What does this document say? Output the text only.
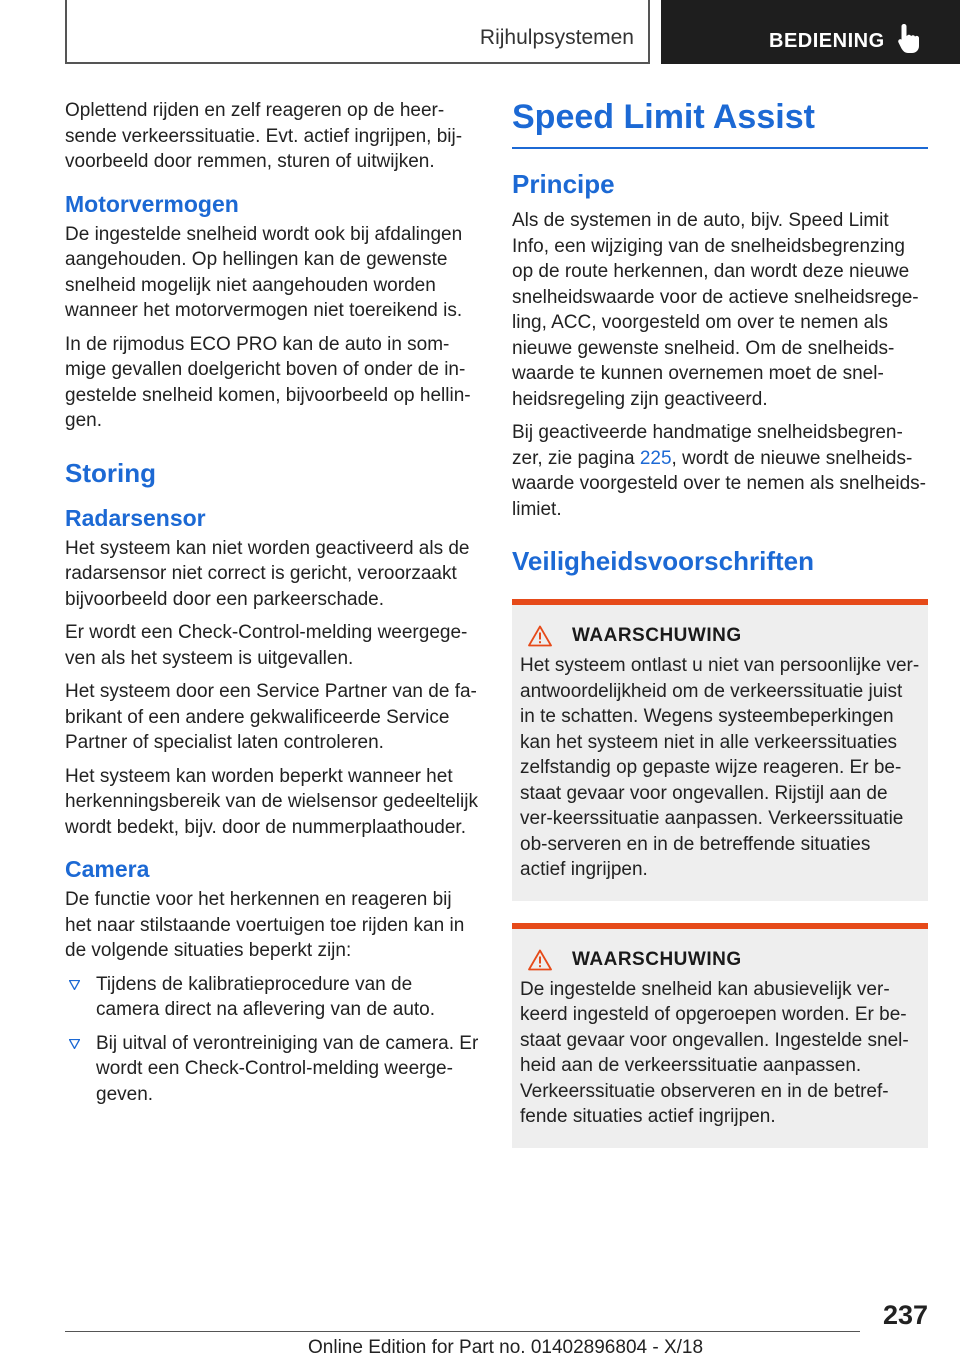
Rijhulpsystemen	BEDIENING

Oplettend rijden en zelf reageren op de heer-sende verkeerssituatie. Evt. actief ingrijpen, bij-voorbeeld door remmen, sturen of uitwijken.

Motorvermogen

De ingestelde snelheid wordt ook bij afdalingen aangehouden. Op hellingen kan de gewenste snelheid mogelijk niet aangehouden worden wanneer het motorvermogen niet toereikend is.

In de rijmodus ECO PRO kan de auto in som-mige gevallen doelgericht boven of onder de in-gestelde snelheid komen, bijvoorbeeld op hellin-gen.

Storing
Radarsensor

Het systeem kan niet worden geactiveerd als de radarsensor niet correct is gericht, veroorzaakt bijvoorbeeld door een parkeerschade.

Er wordt een Check-Control-melding weergege-ven als het systeem is uitgevallen.

Het systeem door een Service Partner van de fa-brikant of een andere gekwalificeerde Service Partner of specialist laten controleren.

Het systeem kan worden beperkt wanneer het herkenningsbereik van de wielsensor gedeeltelijk wordt bedekt, bijv. door de nummerplaathouder.

Camera

De functie voor het herkennen en reageren bij het naar stilstaande voertuigen toe rijden kan in de volgende situaties beperkt zijn:

Tijdens de kalibratieprocedure van de camera direct na aflevering van de auto.
Bij uitval of verontreiniging van de camera. Er wordt een Check-Control-melding weerge-geven.
Speed Limit Assist
Principe

Als de systemen in de auto, bijv. Speed Limit Info, een wijziging van de snelheidsbegrenzing op de route herkennen, dan wordt deze nieuwe snelheidswaarde voor de actieve snelheidsrege-ling, ACC, voorgesteld om over te nemen als nieuwe gewenste snelheid. Om de snelheids-waarde te kunnen overnemen moet de snel-heidsregeling zijn geactiveerd.

Bij geactiveerde handmatige snelheidsbegren-zer, zie pagina 225, wordt de nieuwe snelheids-waarde voorgesteld over te nemen als snelheids-limiet.

Veiligheidsvoorschriften
WAARSCHUWING

Het systeem ontlast u niet van persoonlijke ver-antwoordelijkheid om de verkeerssituatie juist in te schatten. Wegens systeembeperkingen kan het systeem niet in alle verkeerssituaties zelfstandig op gepaste wijze reageren. Er be-staat gevaar voor ongevallen. Rijstijl aan de ver-keerssituatie aanpassen. Verkeerssituatie ob-serveren en in de betreffende situaties actief ingrijpen.

WAARSCHUWING

De ingestelde snelheid kan abusievelijk ver-keerd ingesteld of opgeroepen worden. Er be-staat gevaar voor ongevallen. Ingestelde snel-heid aan de verkeerssituatie aanpassen. Verkeerssituatie observeren en in de betref-fende situaties actief ingrijpen.

237
Online Edition for Part no. 01402896804 - X/18
